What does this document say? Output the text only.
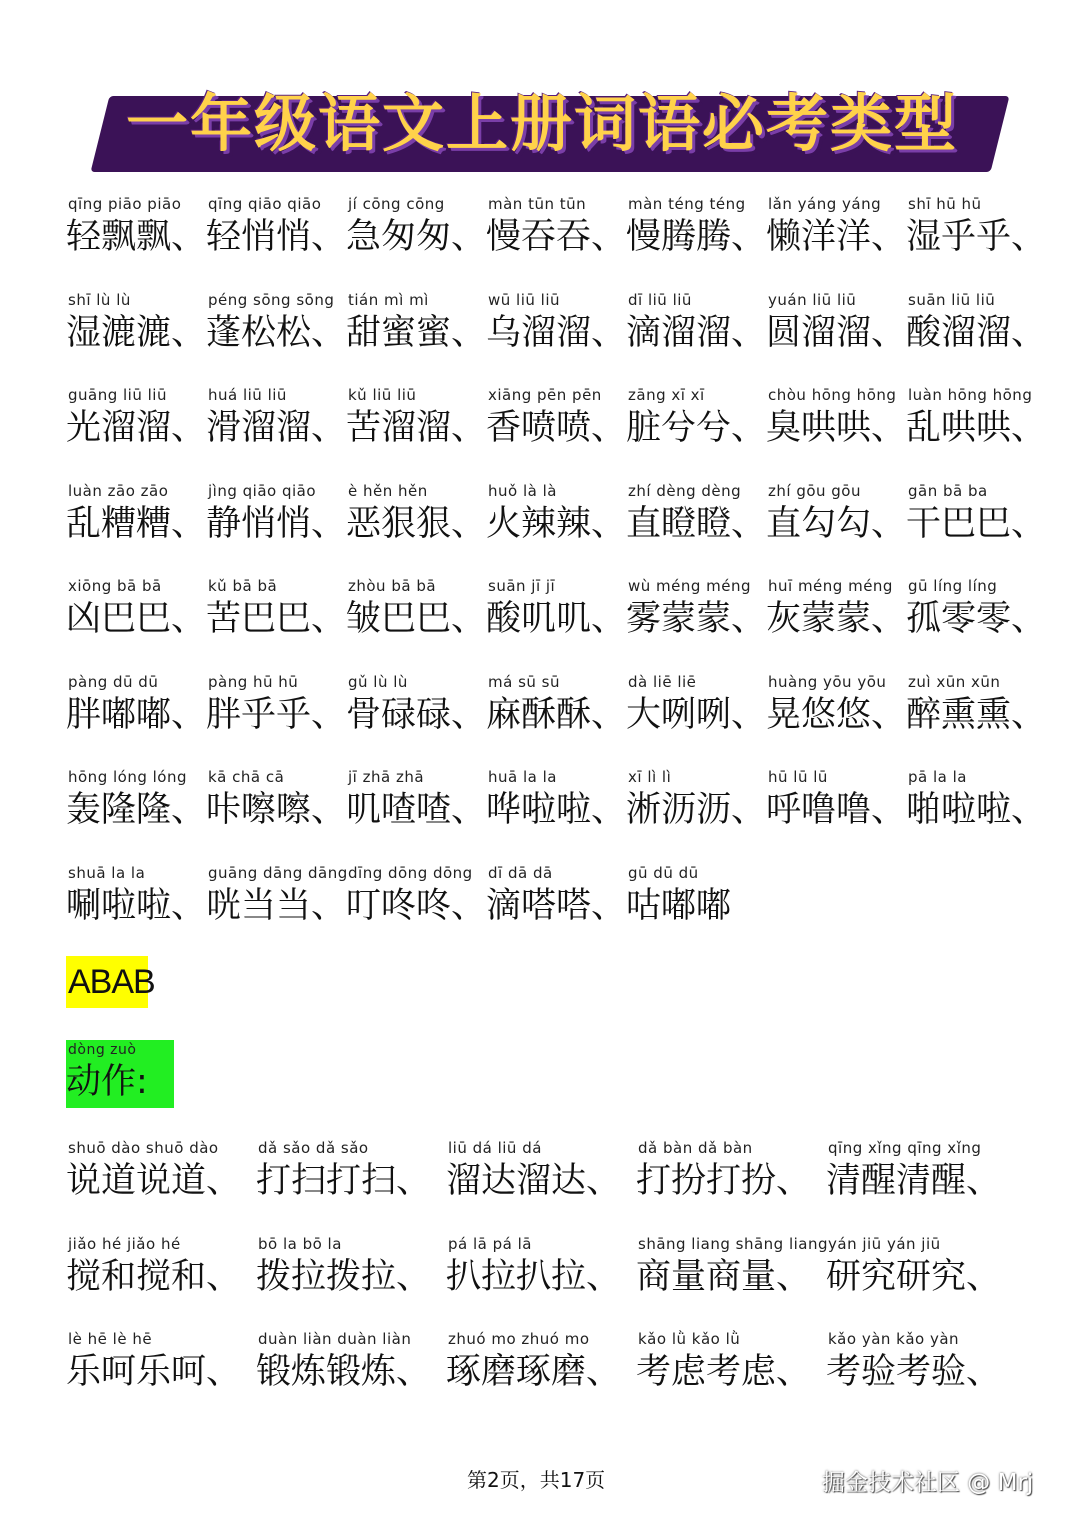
一年级语文上册词语必考类型
qīng piāo piāo
轻飘飘、
qīng qiāo qiāo
轻悄悄、
jí cōng cōng
急匆匆、
màn tūn tūn
慢吞吞、
màn téng téng
慢腾腾、
lǎn yáng yáng
懒洋洋、
shī hū hū
湿乎乎、
shī lù lù
湿漉漉、
péng sōng sōng
蓬松松、
tián mì mì
甜蜜蜜、
wū liū liū
乌溜溜、
dī liū liū
滴溜溜、
yuán liū liū
圆溜溜、
suān liū liū
酸溜溜、
guāng liū liū
光溜溜、
huá liū liū
滑溜溜、
kǔ liū liū
苦溜溜、
xiāng pēn pēn
香喷喷、
zāng xī xī
脏兮兮、
chòu hōng hōng
臭哄哄、
luàn hōng hōng
乱哄哄、
luàn zāo zāo
乱糟糟、
jìng qiāo qiāo
静悄悄、
è hěn hěn
恶狠狠、
huǒ là là
火辣辣、
zhí dèng dèng
直瞪瞪、
zhí gōu gōu
直勾勾、
gān bā ba
干巴巴、
xiōng bā bā
凶巴巴、
kǔ bā bā
苦巴巴、
zhòu bā bā
皱巴巴、
suān jī jī
酸叽叽、
wù méng méng
雾蒙蒙、
huī méng méng
灰蒙蒙、
gū líng líng
孤零零、
pàng dū dū
胖嘟嘟、
pàng hū hū
胖乎乎、
gǔ lù lù
骨碌碌、
má sū sū
麻酥酥、
dà liē liē
大咧咧、
huàng yōu yōu
晃悠悠、
zuì xūn xūn
醉熏熏、
hōng lóng lóng
轰隆隆、
kā chā cā
咔嚓嚓、
jī zhā zhā
叽喳喳、
huā la la
哗啦啦、
xī lì lì
淅沥沥、
hū lū lū
呼噜噜、
pā la la
啪啦啦、
shuā la la
唰啦啦、
guāng dāng dāng
咣当当、
dīng dōng dōng
叮咚咚、
dī dā dā
滴嗒嗒、
gū dū dū
咕嘟嘟
ABAB
dòng zuò
动作:
shuō dào shuō dào
说道说道、
dǎ sǎo dǎ sǎo
打扫打扫、
liū dá liū dá
溜达溜达、
dǎ bàn dǎ bàn
打扮打扮、
qīng xǐng qīng xǐng
清醒清醒、
jiǎo hé jiǎo hé
搅和搅和、
bō la bō la
拨拉拨拉、
pá lā pá lā
扒拉扒拉、
shāng liang shāng liang
商量商量、
yán jiū yán jiū
研究研究、
lè hē lè hē
乐呵乐呵、
duàn liàn duàn liàn
锻炼锻炼、
zhuó mo zhuó mo
琢磨琢磨、
kǎo lǜ kǎo lǜ
考虑考虑、
kǎo yàn kǎo yàn
考验考验、
第2页，共17页	掘金技术社区 @ Mrj
